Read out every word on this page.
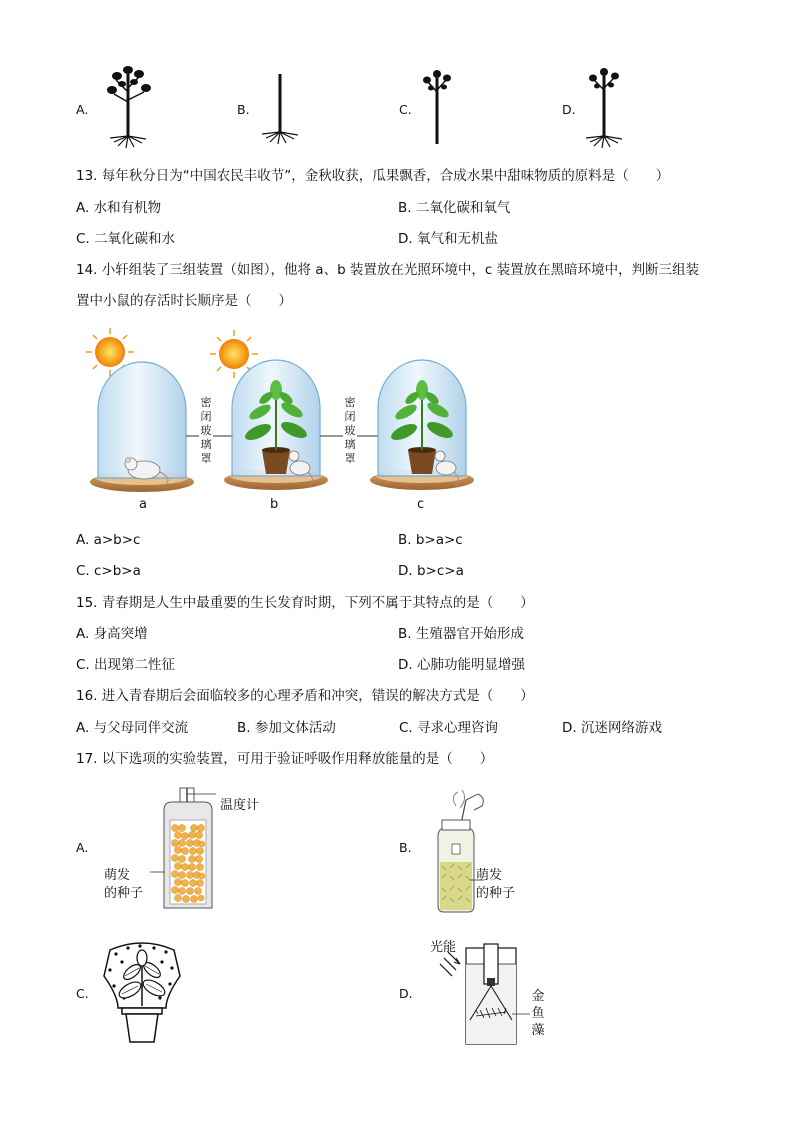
A.	B.	C.	D.
13. 每年秋分日为“中国农民丰收节”，金秋收获，瓜果飘香，合成水果中甜味物质的原料是（　　）
A. 水和有机物	B. 二氧化碳和氧气
C. 二氧化碳和水	D. 氧气和无机盐
14. 小轩组装了三组装置（如图），他将 a、b 装置放在光照环境中，c 装置放在黑暗环境中，判断三组装
置中小鼠的存活时长顺序是（　　）
密闭玻璃罩
密闭玻璃罩
a	b	c
A. a>b>c	B. b>a>c
C. c>b>a	D. b>c>a
15. 青春期是人生中最重要的生长发育时期，下列不属于其特点的是（　　）
A. 身高突增	B. 生殖器官开始形成
C. 出现第二性征	D. 心肺功能明显增强
16. 进入青春期后会面临较多的心理矛盾和冲突，错误的解决方式是（　　）
A. 与父母同伴交流	B. 参加文体活动	C. 寻求心理咨询	D. 沉迷网络游戏
17. 以下选项的实验装置，可用于验证呼吸作用释放能量的是（　　）
A.	B.
C.	D.
温度计
萌发
的种子
萌发
的种子
光能
金鱼藻
